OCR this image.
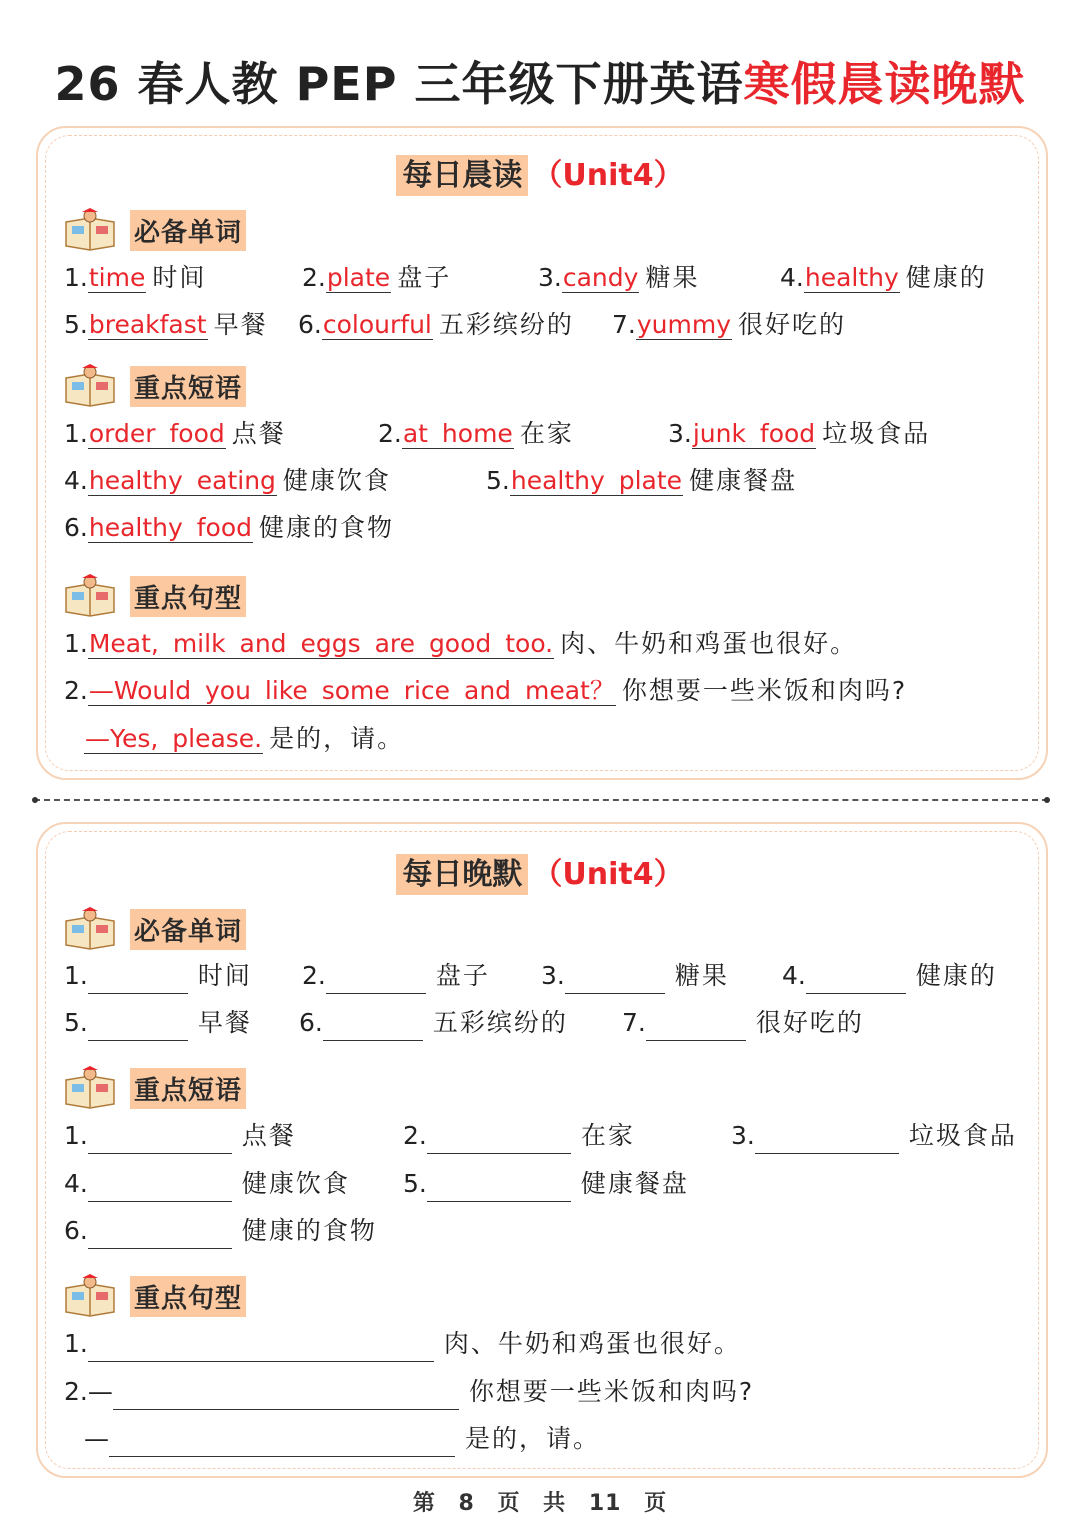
26 春人教 PEP 三年级下册英语寒假晨读晚默
每日晨读 （Unit4）
必备单词
1.time 时间	2.plate 盘子	3.candy 糖果	4.healthy 健康的
5.breakfast 早餐 6.colourful 五彩缤纷的 7.yummy 很好吃的
重点短语
1.order food 点餐	2.at home 在家	3.junk food 垃圾食品
4.healthy eating 健康饮食	5.healthy plate 健康餐盘
6.healthy food 健康的食物
重点句型
1.Meat, milk and eggs are good too. 肉、牛奶和鸡蛋也很好。
2.—Would you like some rice and meat？ 你想要一些米饭和肉吗?
—Yes, please. 是的，请。
每日晚默 （Unit4）
必备单词
1.	时间 2.	盘子 3.	糖果 4.	健康的
5.	早餐 6.	五彩缤纷的 7.	很好吃的
重点短语
1.	点餐	2.	在家	3.	垃圾食品
4.	健康饮食 5.	健康餐盘
6.	健康的食物
重点句型
1.	肉、牛奶和鸡蛋也很好。
2.—	你想要一些米饭和肉吗?
—	是的，请。
第 8 页 共 11 页
